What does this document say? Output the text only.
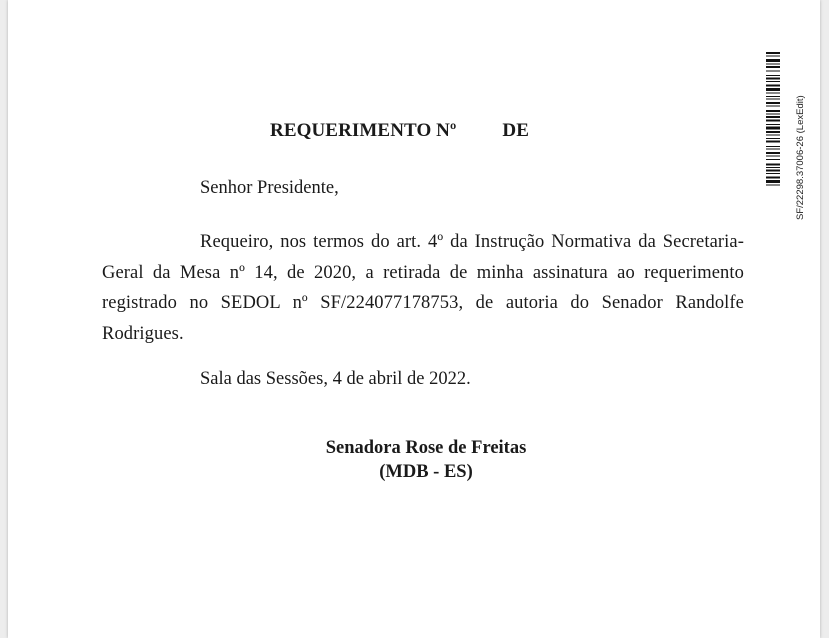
REQUERIMENTO Nº DE
Senhor Presidente,
Requeiro, nos termos do art. 4º da Instrução Normativa da Secretaria-Geral da Mesa nº 14, de 2020, a retirada de minha assinatura ao requerimento registrado no SEDOL nº SF/224077178753, de autoria do Senador Randolfe Rodrigues.
Sala das Sessões, 4 de abril de 2022.
Senadora Rose de Freitas
(MDB - ES)
SF/22298.37006-26 (LexEdit)
